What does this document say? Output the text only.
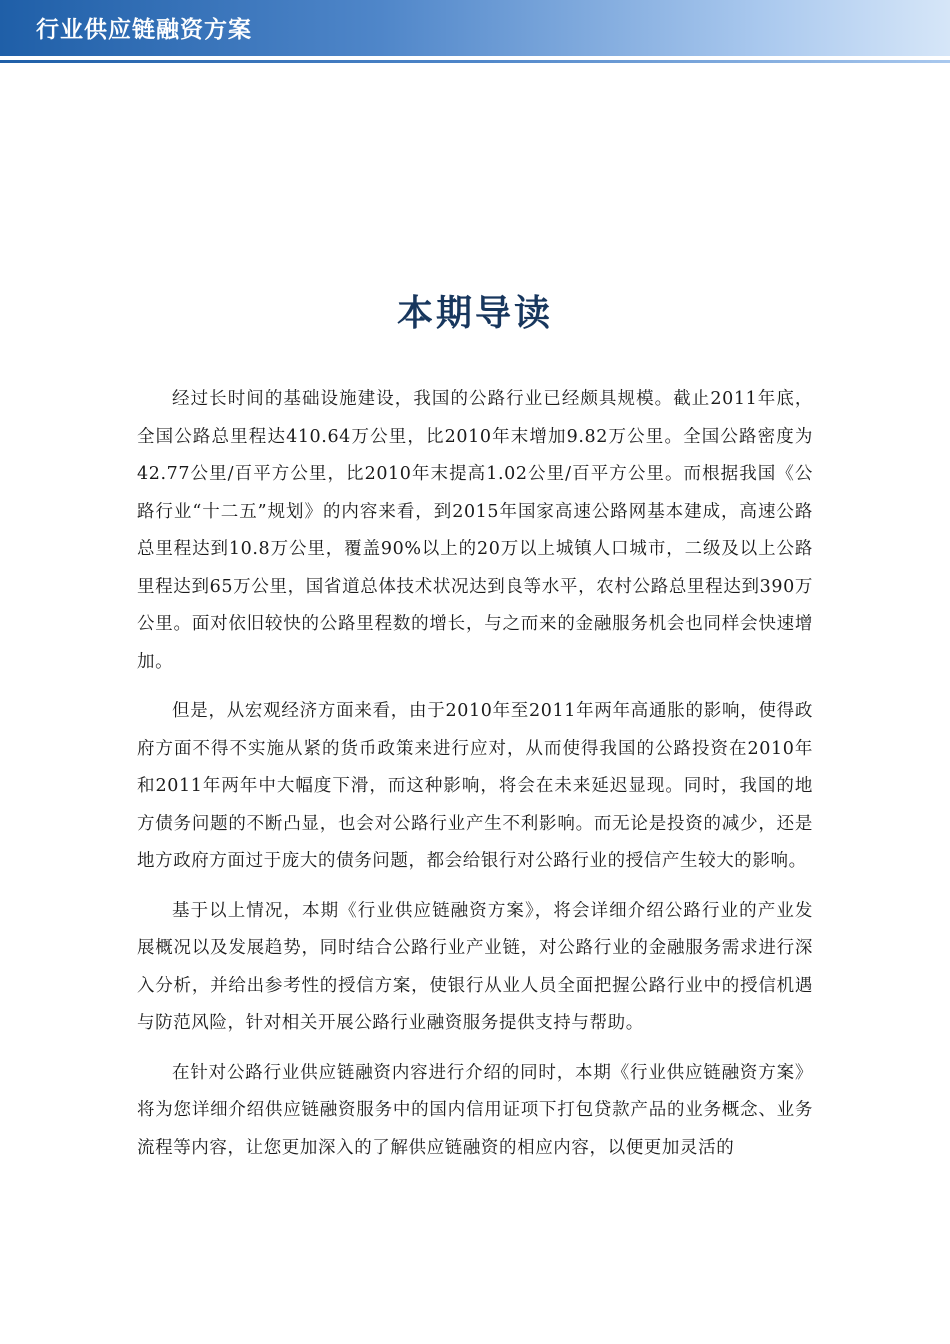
行业供应链融资方案
本期导读

经过长时间的基础设施建设，我国的公路行业已经颇具规模。截止2011年底，全国公路总里程达410.64万公里，比2010年末增加9.82万公里。全国公路密度为42.77公里/百平方公里，比2010年末提高1.02公里/百平方公里。而根据我国《公路行业“十二五”规划》的内容来看，到2015年国家高速公路网基本建成，高速公路总里程达到10.8万公里，覆盖90%以上的20万以上城镇人口城市，二级及以上公路里程达到65万公里，国省道总体技术状况达到良等水平，农村公路总里程达到390万公里。面对依旧较快的公路里程数的增长，与之而来的金融服务机会也同样会快速增加。

但是，从宏观经济方面来看，由于2010年至2011年两年高通胀的影响，使得政府方面不得不实施从紧的货币政策来进行应对，从而使得我国的公路投资在2010年和2011年两年中大幅度下滑，而这种影响，将会在未来延迟显现。同时，我国的地方债务问题的不断凸显，也会对公路行业产生不利影响。而无论是投资的减少，还是地方政府方面过于庞大的债务问题，都会给银行对公路行业的授信产生较大的影响。

基于以上情况，本期《行业供应链融资方案》，将会详细介绍公路行业的产业发展概况以及发展趋势，同时结合公路行业产业链，对公路行业的金融服务需求进行深入分析，并给出参考性的授信方案，使银行从业人员全面把握公路行业中的授信机遇与防范风险，针对相关开展公路行业融资服务提供支持与帮助。

在针对公路行业供应链融资内容进行介绍的同时，本期《行业供应链融资方案》将为您详细介绍供应链融资服务中的国内信用证项下打包贷款产品的业务概念、业务流程等内容，让您更加深入的了解供应链融资的相应内容，以便更加灵活的
